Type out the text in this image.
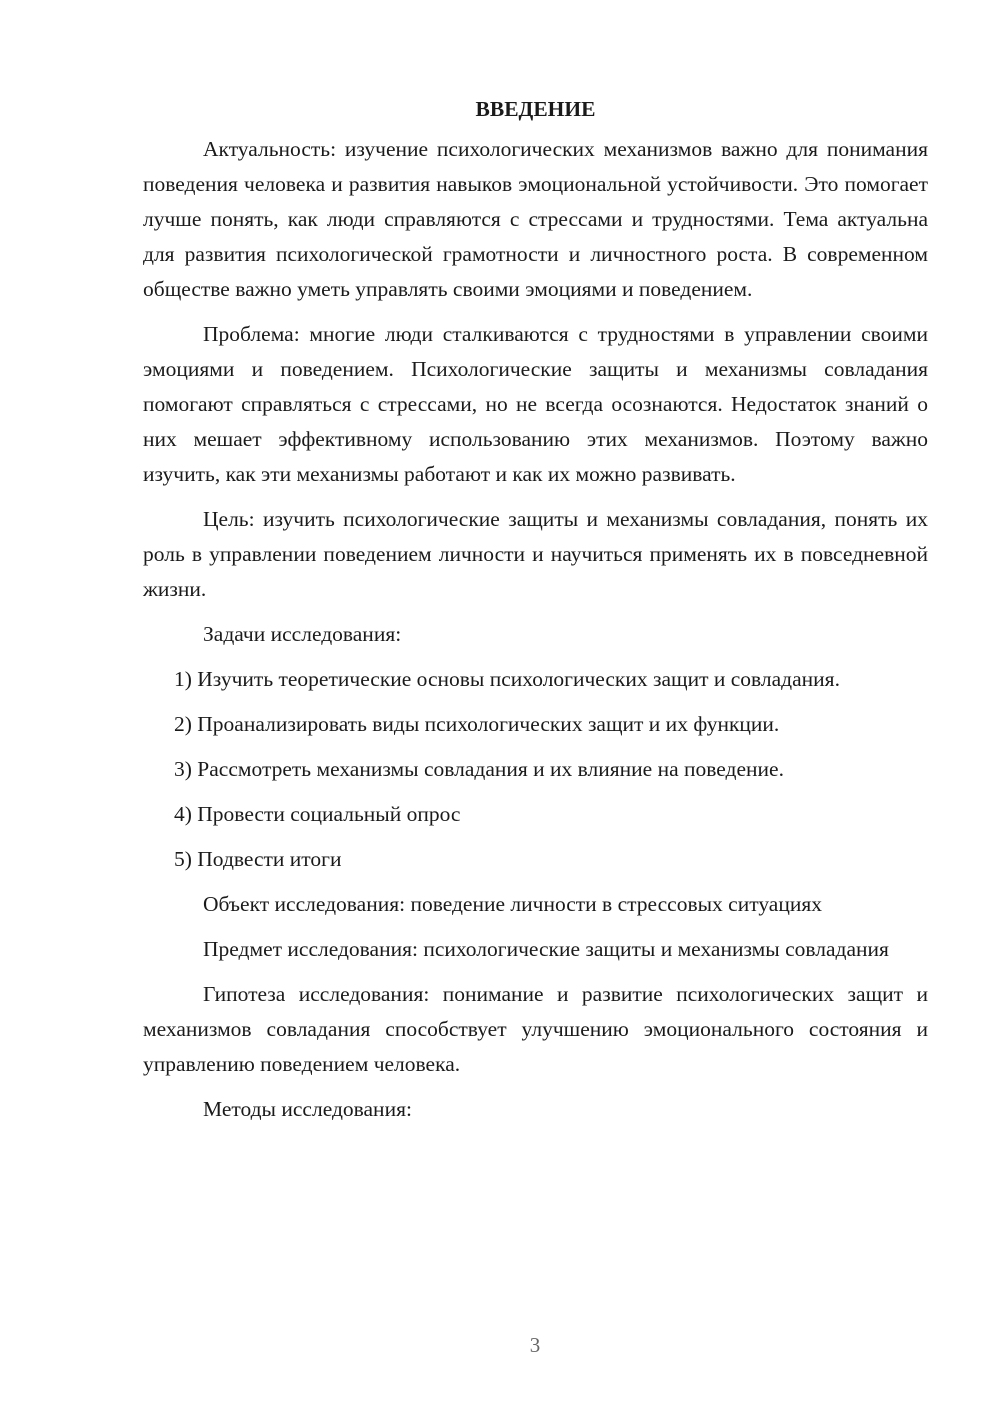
ВВЕДЕНИЕ

Актуальность: изучение психологических механизмов важно для понимания поведения человека и развития навыков эмоциональной устойчивости. Это помогает лучше понять, как люди справляются с стрессами и трудностями. Тема актуальна для развития психологической грамотности и личностного роста. В современном обществе важно уметь управлять своими эмоциями и поведением.

Проблема: многие люди сталкиваются с трудностями в управлении своими эмоциями и поведением. Психологические защиты и механизмы совладания помогают справляться с стрессами, но не всегда осознаются. Недостаток знаний о них мешает эффективному использованию этих механизмов. Поэтому важно изучить, как эти механизмы работают и как их можно развивать.

Цель: изучить психологические защиты и механизмы совладания, понять их роль в управлении поведением личности и научиться применять их в повседневной жизни.

Задачи исследования:

1) Изучить теоретические основы психологических защит и совладания.

2) Проанализировать виды психологических защит и их функции.

3) Рассмотреть механизмы совладания и их влияние на поведение.

4) Провести социальный опрос

5) Подвести итоги

Объект исследования: поведение личности в стрессовых ситуациях

Предмет исследования: психологические защиты и механизмы совладания

Гипотеза исследования: понимание и развитие психологических защит и механизмов совладания способствует улучшению эмоционального состояния и управлению поведением человека.

Методы исследования:

3
